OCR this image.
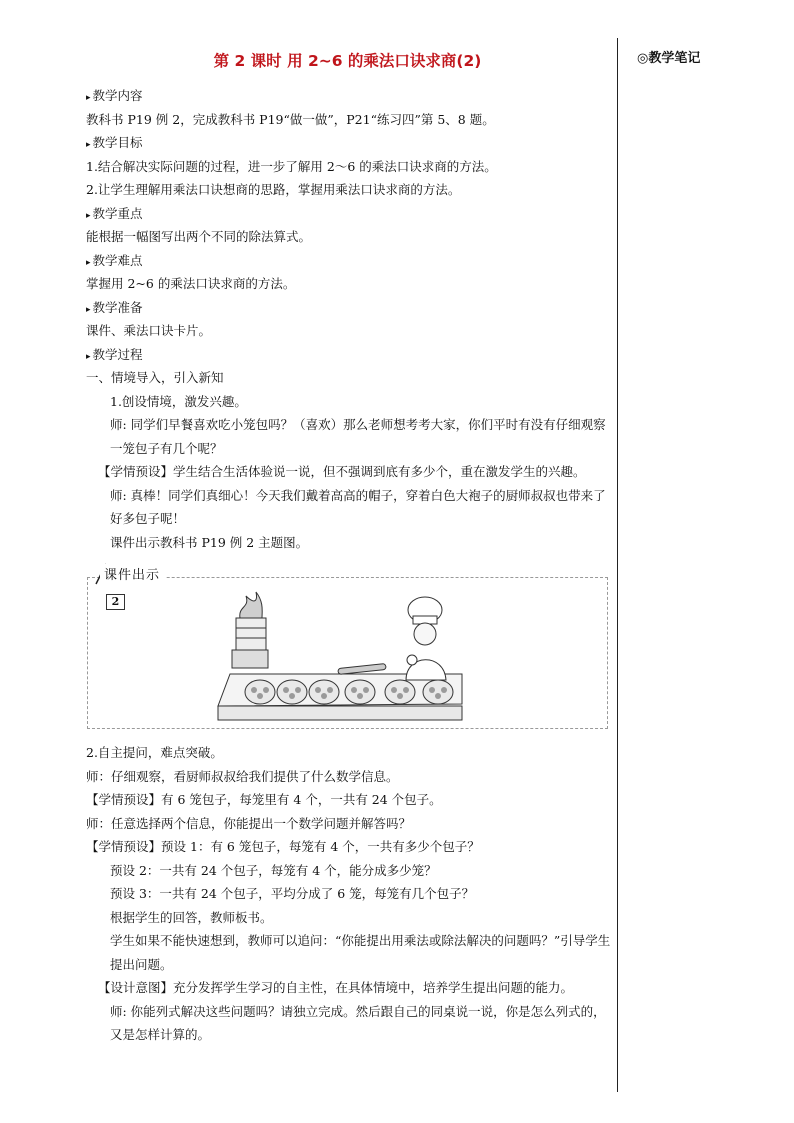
第 2 课时 用 2~6 的乘法口诀求商(2)	◎教学笔记
▸ 教学内容
教科书 P19 例 2，完成教科书 P19“做一做”，P21“练习四”第 5、8 题。
▸ 教学目标
1.结合解决实际问题的过程，进一步了解用 2～6 的乘法口诀求商的方法。
2.让学生理解用乘法口诀想商的思路，掌握用乘法口诀求商的方法。
▸ 教学重点
能根据一幅图写出两个不同的除法算式。
▸ 教学难点
掌握用 2~6 的乘法口诀求商的方法。
▸ 教学准备
课件、乘法口诀卡片。
▸ 教学过程
一、情境导入，引入新知
1.创设情境，激发兴趣。
师: 同学们早餐喜欢吃小笼包吗？（喜欢）那么老师想考考大家，你们平时有没有仔细观察一笼包子有几个呢？
【学情预设】学生结合生活体验说一说，但不强调到底有多少个，重在激发学生的兴趣。
师: 真棒！同学们真细心！今天我们戴着高高的帽子，穿着白色大袍子的厨师叔叔也带来了好多包子呢！
课件出示教科书 P19 例 2 主题图。
课件出示
2
2.自主提问，难点突破。
师：仔细观察，看厨师叔叔给我们提供了什么数学信息。
【学情预设】有 6 笼包子，每笼里有 4 个，一共有 24 个包子。
师：任意选择两个信息，你能提出一个数学问题并解答吗？
【学情预设】预设 1：有 6 笼包子，每笼有 4 个，一共有多少个包子？
预设 2：一共有 24 个包子，每笼有 4 个，能分成多少笼？
预设 3：一共有 24 个包子，平均分成了 6 笼，每笼有几个包子？
根据学生的回答，教师板书。
学生如果不能快速想到，教师可以追问：“你能提出用乘法或除法解决的问题吗？”引导学生提出问题。
【设计意图】充分发挥学生学习的自主性，在具体情境中，培养学生提出问题的能力。
师: 你能列式解决这些问题吗？请独立完成。然后跟自己的同桌说一说，你是怎么列式的，又是怎样计算的。
